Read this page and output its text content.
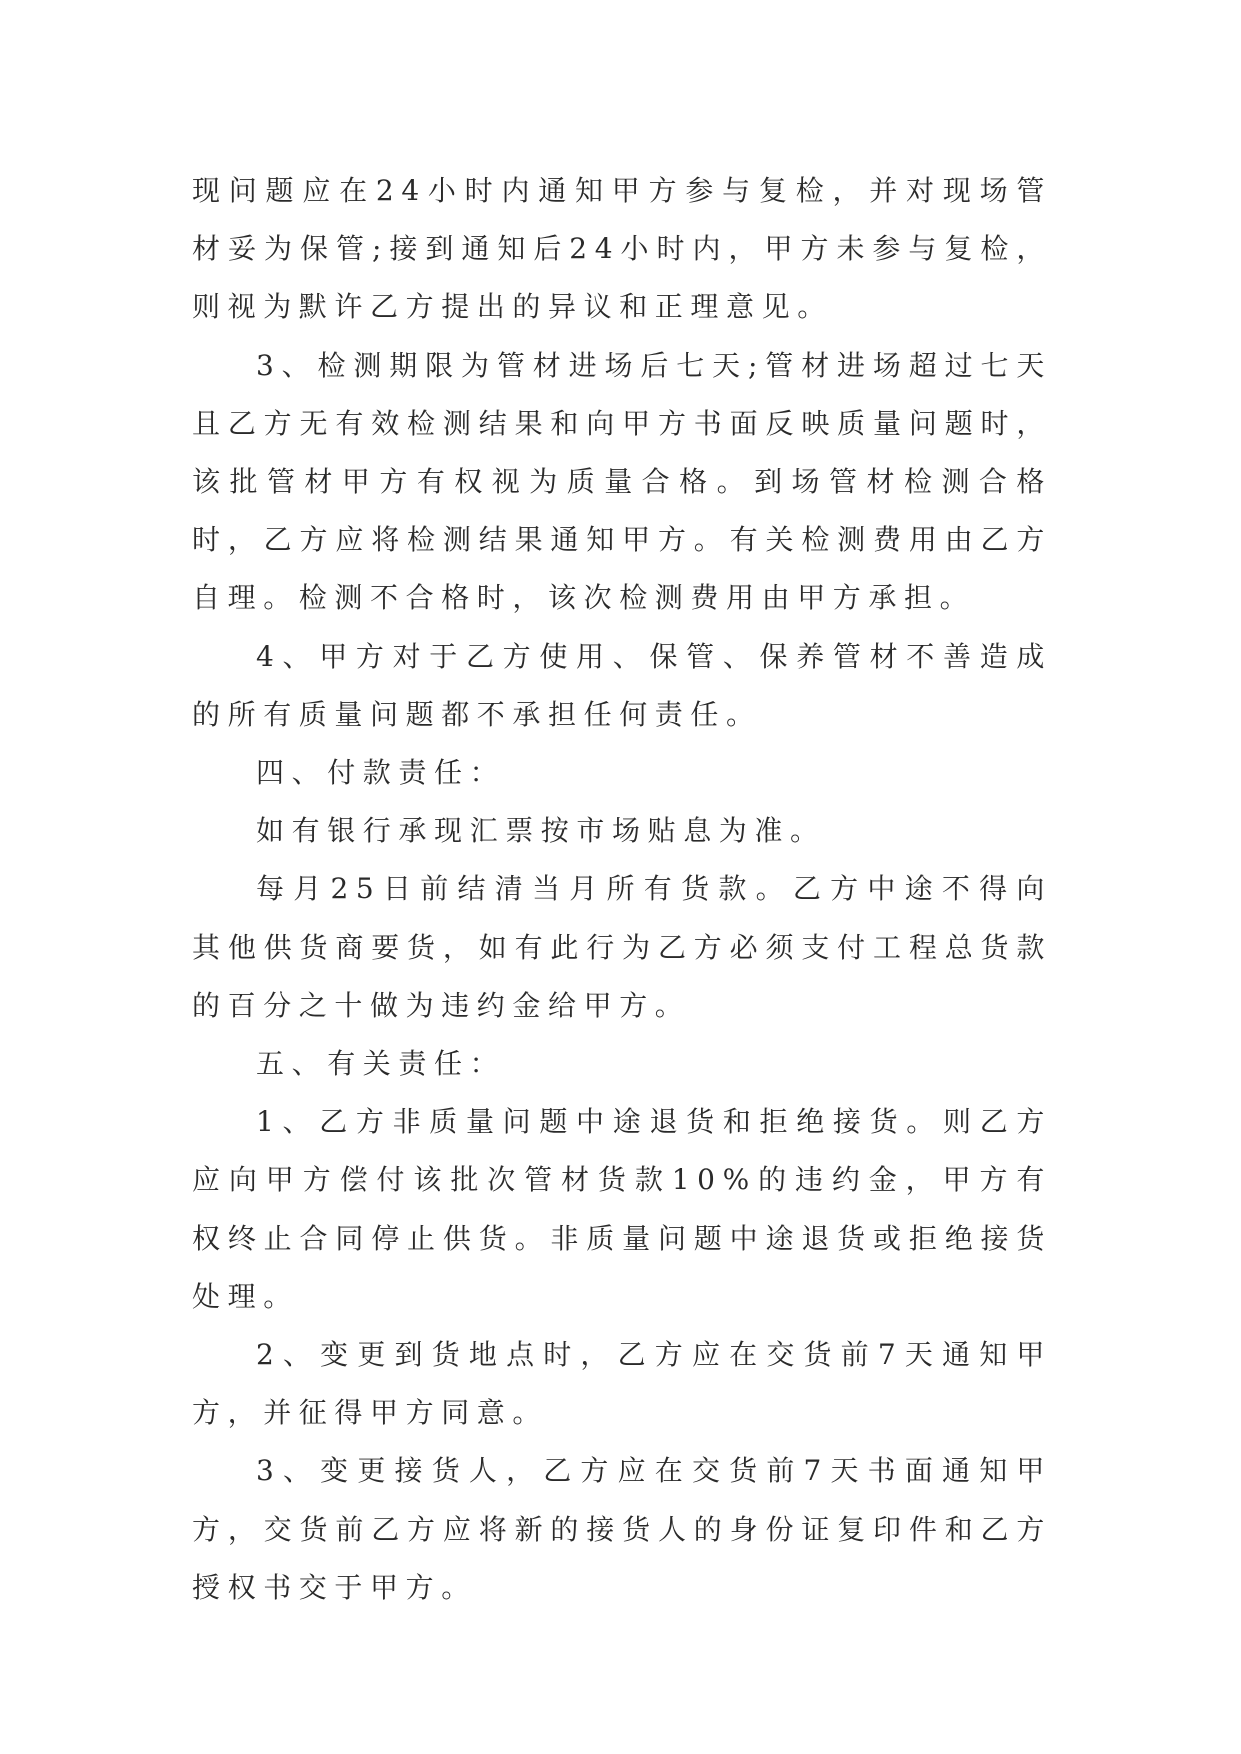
现问题应在24小时内通知甲方参与复检，并对现场管材妥为保管;接到通知后24小时内，甲方未参与复检，则视为默许乙方提出的异议和正理意见。

3、检测期限为管材进场后七天;管材进场超过七天且乙方无有效检测结果和向甲方书面反映质量问题时，该批管材甲方有权视为质量合格。到场管材检测合格时，乙方应将检测结果通知甲方。有关检测费用由乙方自理。检测不合格时，该次检测费用由甲方承担。

4、甲方对于乙方使用、保管、保养管材不善造成的所有质量问题都不承担任何责任。

四、付款责任：

如有银行承现汇票按市场贴息为准。

每月25日前结清当月所有货款。乙方中途不得向其他供货商要货，如有此行为乙方必须支付工程总货款的百分之十做为违约金给甲方。

五、有关责任：

1、乙方非质量问题中途退货和拒绝接货。则乙方应向甲方偿付该批次管材货款10%的违约金，甲方有权终止合同停止供货。非质量问题中途退货或拒绝接货处理。

2、变更到货地点时，乙方应在交货前7天通知甲方，并征得甲方同意。

3、变更接货人，乙方应在交货前7天书面通知甲方，交货前乙方应将新的接货人的身份证复印件和乙方授权书交于甲方。
